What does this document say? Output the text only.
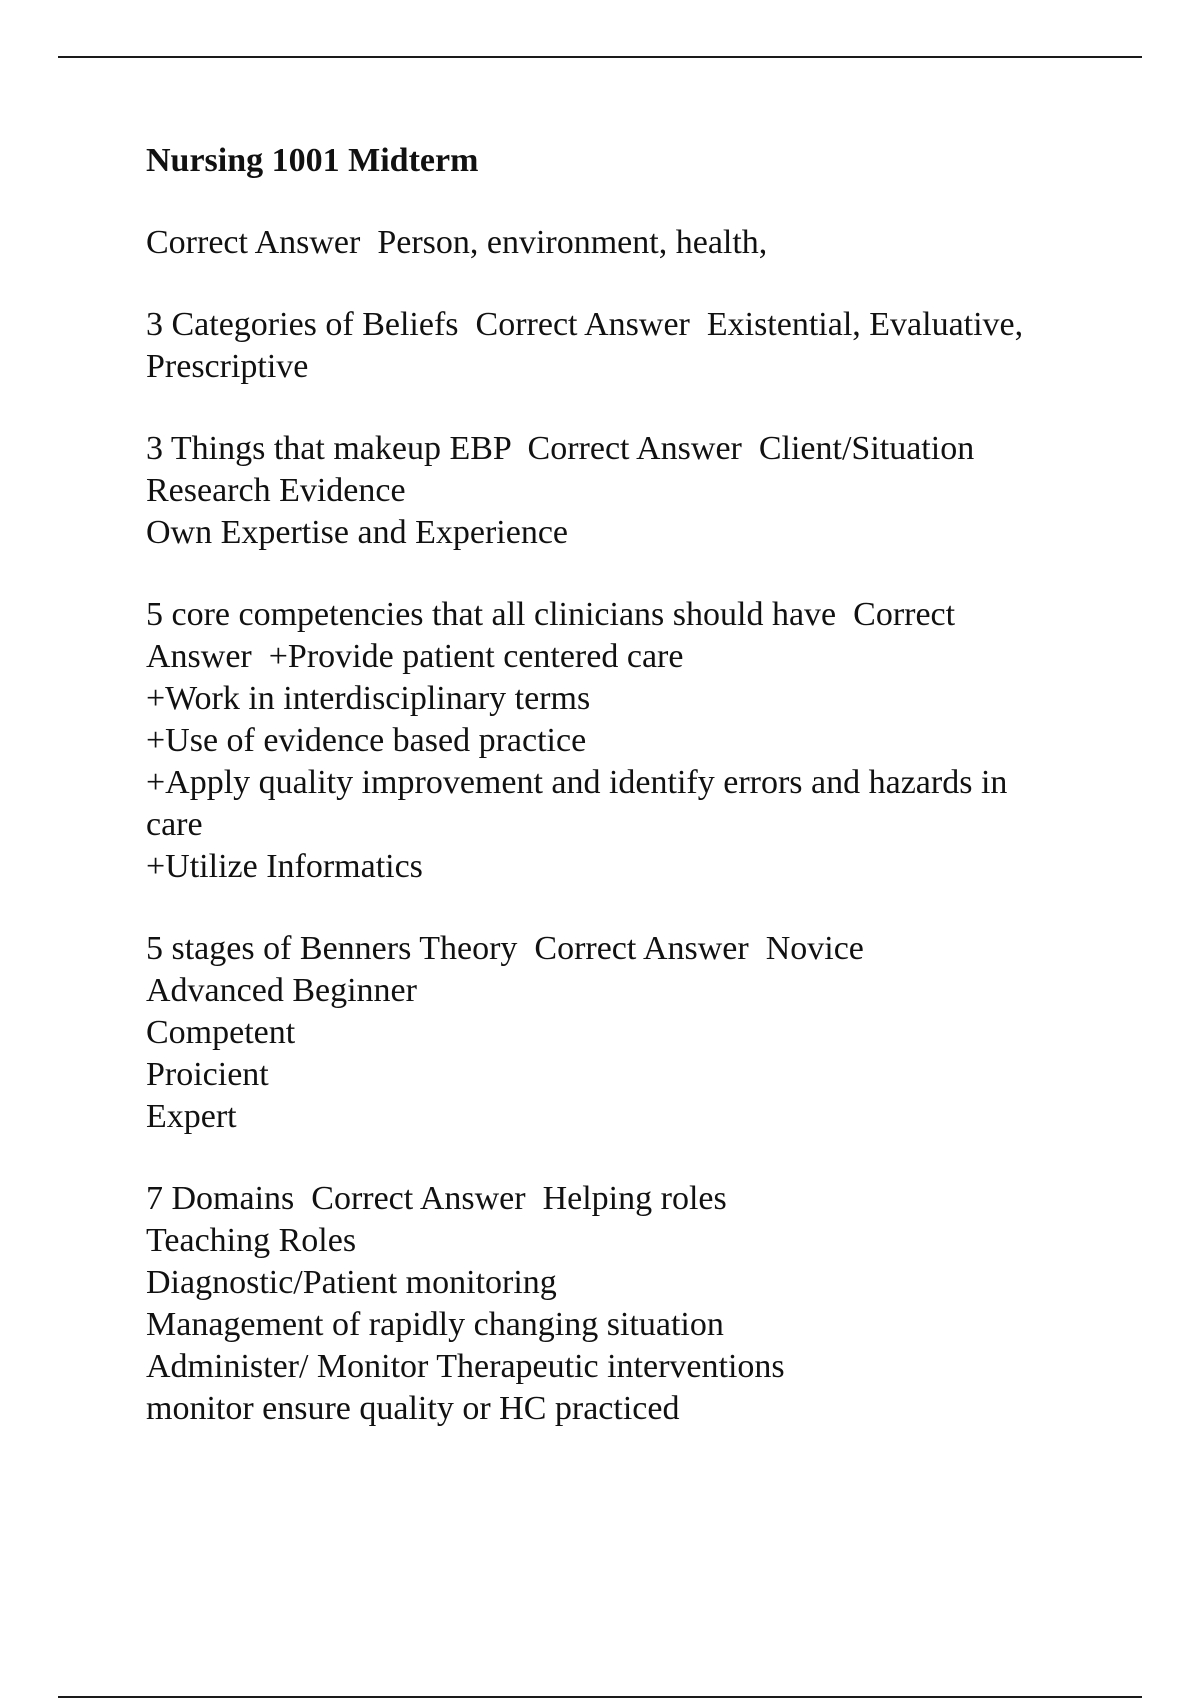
Nursing 1001 Midterm
Correct Answer  Person, environment, health,
3 Categories of Beliefs  Correct Answer  Existential, Evaluative,
Prescriptive
3 Things that makeup EBP  Correct Answer  Client/Situation
Research Evidence
Own Expertise and Experience
5 core competencies that all clinicians should have  Correct
Answer  +Provide patient centered care
+Work in interdisciplinary terms
+Use of evidence based practice
+Apply quality improvement and identify errors and hazards in
care
+Utilize Informatics
5 stages of Benners Theory  Correct Answer  Novice
Advanced Beginner
Competent
Proicient
Expert
7 Domains  Correct Answer  Helping roles
Teaching Roles
Diagnostic/Patient monitoring
Management of rapidly changing situation
Administer/ Monitor Therapeutic interventions
monitor ensure quality or HC practiced
